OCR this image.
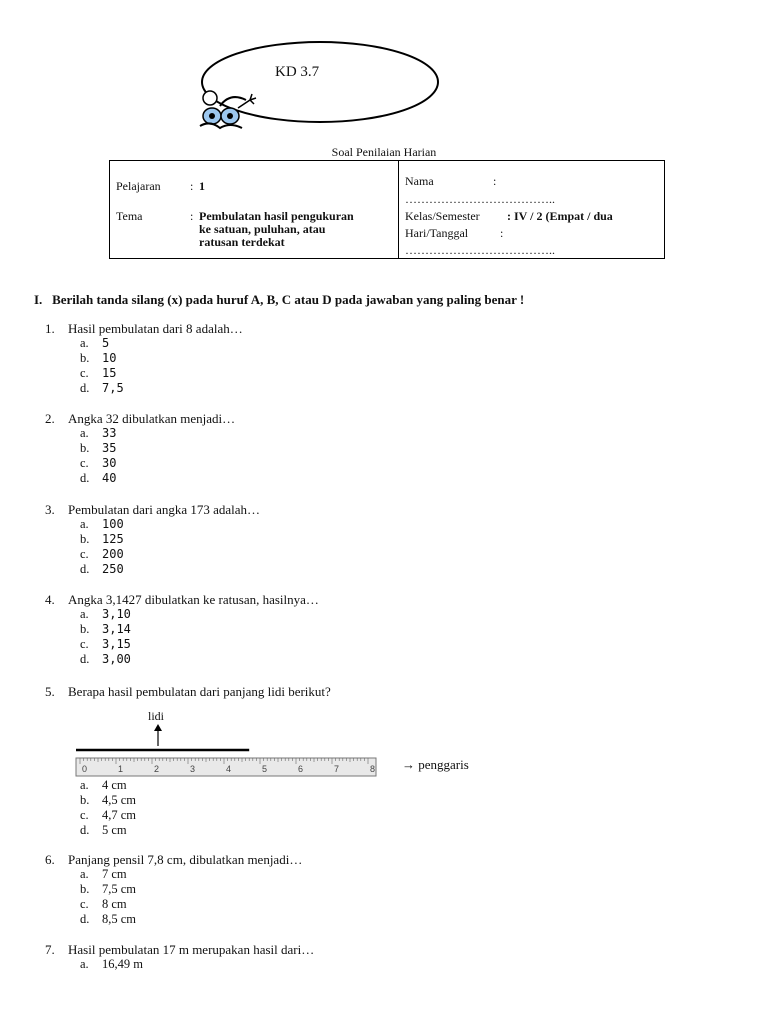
KD 3.7
Soal Penilaian Harian
Pelajaran : 1
Tema	: Pembulatan hasil pengukuran
ke satuan, puluhan, atau
ratusan terdekat
Nama	:
………………………………..
Kelas/Semester : IV / 2 (Empat / dua
Hari/Tanggal	:
………………………………..
I. Berilah tanda silang (x) pada huruf A, B, C atau D pada jawaban yang paling benar !
1.	Hasil pembulatan dari 8 adalah…
a. 5
b. 10
c. 15
d. 7,5
2.	Angka 32 dibulatkan menjadi…
a. 33
b. 35
c. 30
d. 40
3.	Pembulatan dari angka 173 adalah…
a. 100
b. 125
c. 200
d. 250
4.	Angka 3,1427 dibulatkan ke ratusan, hasilnya…
a. 3,10
b. 3,14
c. 3,15
d. 3,00
5.	Berapa hasil pembulatan dari panjang lidi berikut?
a. 4 cm
b. 4,5 cm
c. 4,7 cm
d. 5 cm
6.	Panjang pensil 7,8 cm, dibulatkan menjadi…
a. 7 cm
b. 7,5 cm
c. 8 cm
d. 8,5 cm
7.	Hasil pembulatan 17 m merupakan hasil dari…
a. 16,49 m
lidi
0	1	2	3	4	5	6	7	8 → penggaris
